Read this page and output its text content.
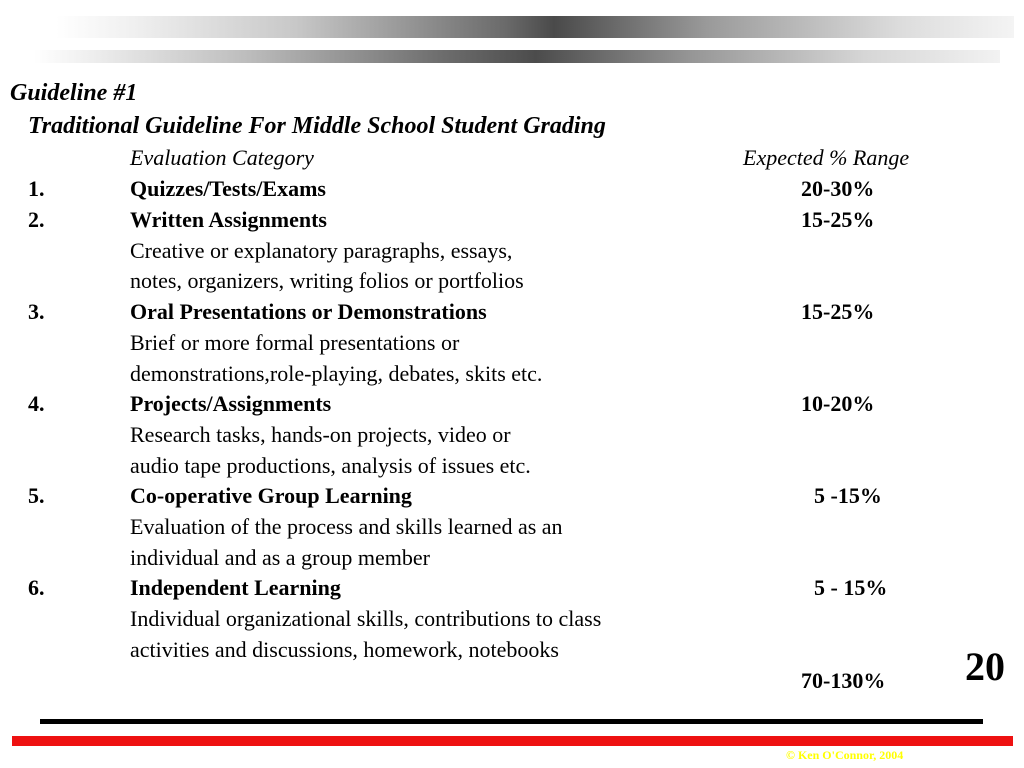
Guideline #1
Traditional Guideline For Middle School Student Grading
Evaluation Category	Expected % Range
1.	Quizzes/Tests/Exams	20-30%
2.	Written Assignments	15-25%
Creative or explanatory paragraphs, essays,
notes, organizers, writing folios or portfolios
3.	Oral Presentations or Demonstrations	15-25%
Brief or more formal presentations or
demonstrations,role-playing, debates, skits etc.
4.	Projects/Assignments	10-20%
Research tasks, hands-on projects, video or
audio tape productions, analysis of issues etc.
5.	Co-operative Group Learning	5 -15%
Evaluation of the process and skills learned as an
individual and as a group member
6.	Independent Learning	5 - 15%
Individual organizational skills, contributions to class
activities and discussions, homework, notebooks
70-130% 20
© Ken O'Connor, 2004
